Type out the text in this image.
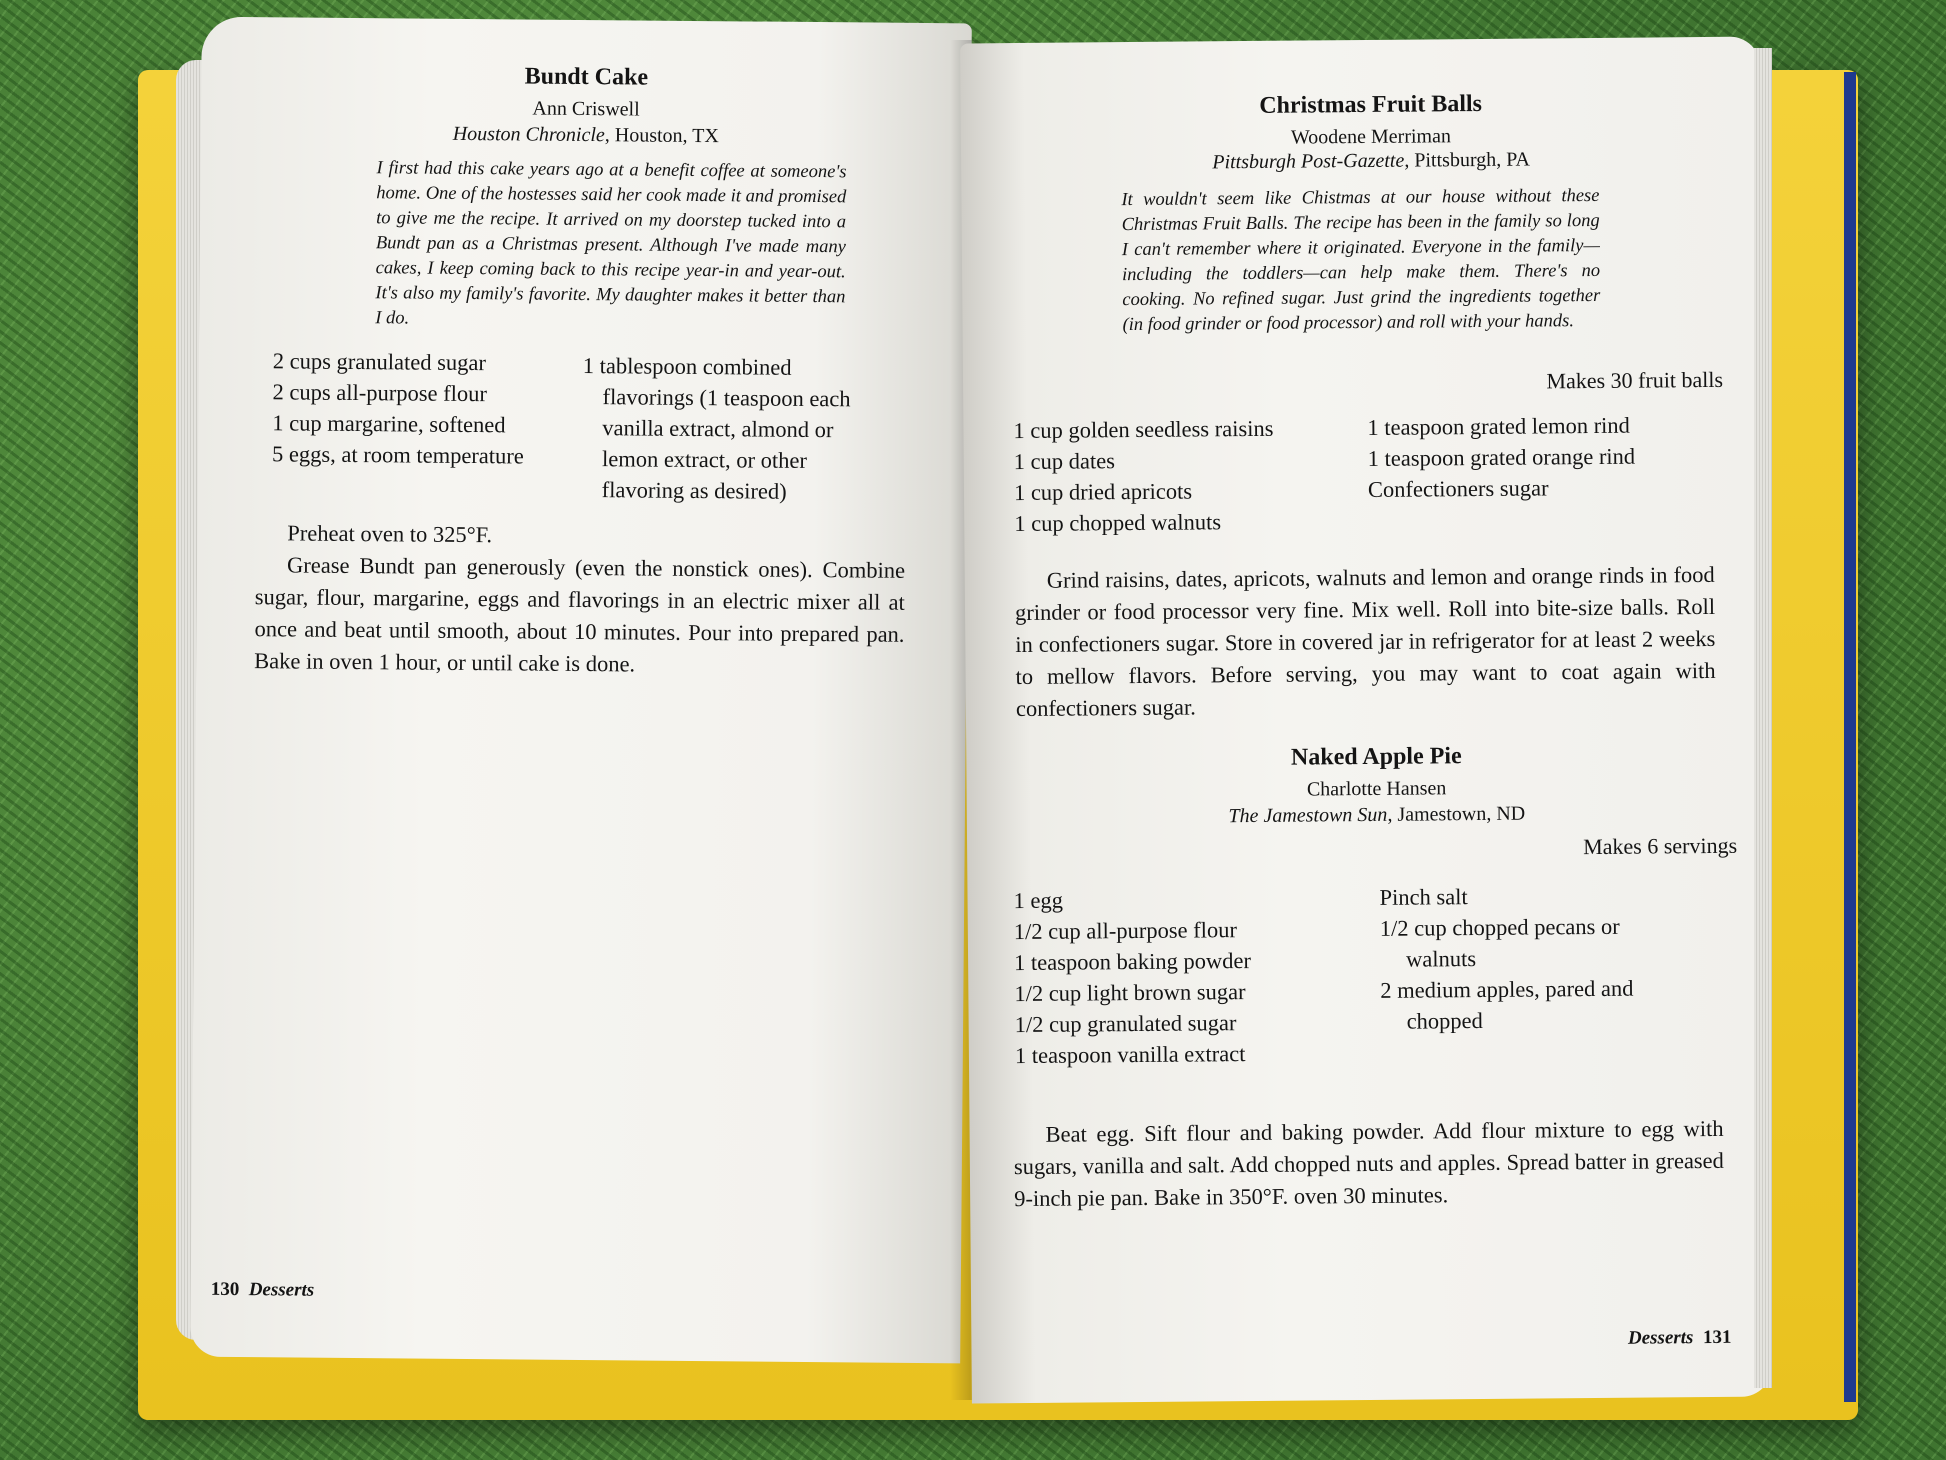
Bundt Cake
Ann Criswell
Houston Chronicle, Houston, TX
I first had this cake years ago at a benefit coffee at someone's home. One of the hostesses said her cook made it and promised to give me the recipe. It arrived on my doorstep tucked into a Bundt pan as a Christmas present. Although I've made many cakes, I keep coming back to this recipe year-in and year-out. It's also my family's favorite. My daughter makes it better than I do.
2 cups granulated sugar
2 cups all-purpose flour
1 cup margarine, softened
5 eggs, at room temperature
1 tablespoon combined
flavorings (1 teaspoon each
vanilla extract, almond or
lemon extract, or other
flavoring as desired)

Preheat oven to 325°F.

Grease Bundt pan generously (even the nonstick ones). Combine sugar, flour, margarine, eggs and flavorings in an electric mixer all at once and beat until smooth, about 10 minutes. Pour into prepared pan. Bake in oven 1 hour, or until cake is done.

130 Desserts
Christmas Fruit Balls
Woodene Merriman
Pittsburgh Post-Gazette, Pittsburgh, PA
It wouldn't seem like Chistmas at our house without these Christmas Fruit Balls. The recipe has been in the family so long I can't remember where it originated. Everyone in the family—including the toddlers—can help make them. There's no cooking. No refined sugar. Just grind the ingredients together (in food grinder or food processor) and roll with your hands.
Makes 30 fruit balls
1 cup golden seedless raisins
1 cup dates
1 cup dried apricots
1 cup chopped walnuts
1 teaspoon grated lemon rind
1 teaspoon grated orange rind
Confectioners sugar

Grind raisins, dates, apricots, walnuts and lemon and orange rinds in food grinder or food processor very fine. Mix well. Roll into bite-size balls. Roll in confectioners sugar. Store in covered jar in refrigerator for at least 2 weeks to mellow flavors. Before serving, you may want to coat again with confectioners sugar.

Naked Apple Pie
Charlotte Hansen
The Jamestown Sun, Jamestown, ND
Makes 6 servings
1 egg
1/2 cup all-purpose flour
1 teaspoon baking powder
1/2 cup light brown sugar
1/2 cup granulated sugar
1 teaspoon vanilla extract
Pinch salt
1/2 cup chopped pecans or
walnuts
2 medium apples, pared and
chopped

Beat egg. Sift flour and baking powder. Add flour mixture to egg with sugars, vanilla and salt. Add chopped nuts and apples. Spread batter in greased 9-inch pie pan. Bake in 350°F. oven 30 minutes.

Desserts 131
